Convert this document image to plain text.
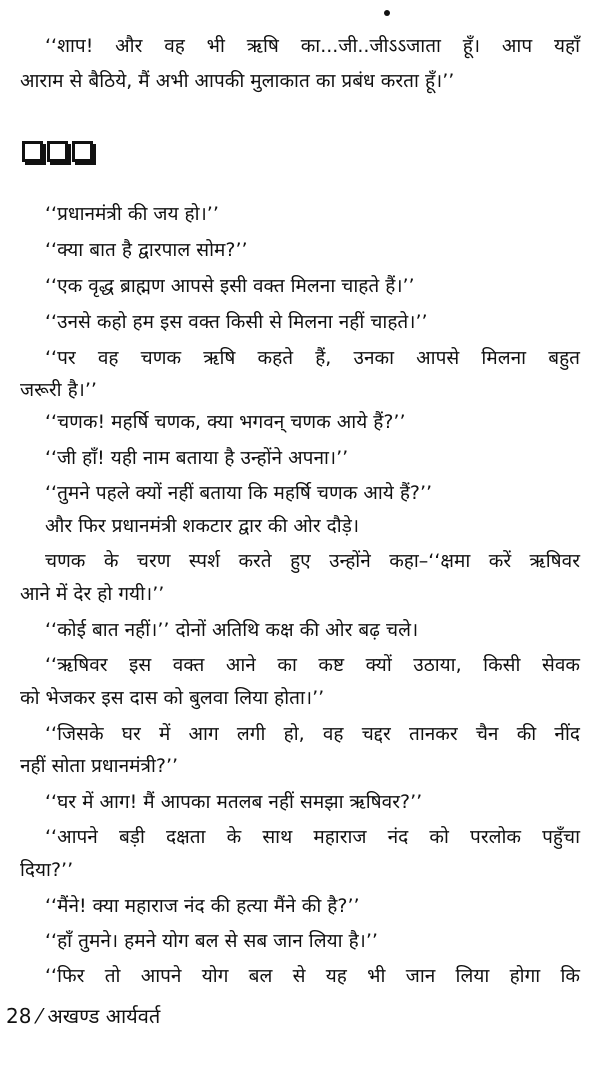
‘‘शाप! और वह भी ऋषि का...जी..जीऽऽजाता हूँ। आप यहाँ
आराम से बैठिये, मैं अभी आपकी मुलाकात का प्रबंध करता हूँ।’’
‘‘प्रधानमंत्री की जय हो।’’
‘‘क्या बात है द्वारपाल सोम?’’
‘‘एक वृद्ध ब्राह्मण आपसे इसी वक्त मिलना चाहते हैं।’’
‘‘उनसे कहो हम इस वक्त किसी से मिलना नहीं चाहते।’’
‘‘पर वह चणक ऋषि कहते हैं, उनका आपसे मिलना बहुत
जरूरी है।’’
‘‘चणक! महर्षि चणक, क्या भगवन् चणक आये हैं?’’
‘‘जी हाँ! यही नाम बताया है उन्होंने अपना।’’
‘‘तुमने पहले क्यों नहीं बताया कि महर्षि चणक आये हैं?’’
और फिर प्रधानमंत्री शकटार द्वार की ओर दौड़े।
चणक के चरण स्पर्श करते हुए उन्होंने कहा–‘‘क्षमा करें ऋषिवर
आने में देर हो गयी।’’
‘‘कोई बात नहीं।’’ दोनों अतिथि कक्ष की ओर बढ़ चले।
‘‘ऋषिवर इस वक्त आने का कष्ट क्यों उठाया, किसी सेवक
को भेजकर इस दास को बुलवा लिया होता।’’
‘‘जिसके घर में आग लगी हो, वह चद्दर तानकर चैन की नींद
नहीं सोता प्रधानमंत्री?’’
‘‘घर में आग! मैं आपका मतलब नहीं समझा ऋषिवर?’’
‘‘आपने बड़ी दक्षता के साथ महाराज नंद को परलोक पहुँचा
दिया?’’
‘‘मैंने! क्या महाराज नंद की हत्या मैंने की है?’’
‘‘हाँ तुमने। हमने योग बल से सब जान लिया है।’’
‘‘फिर तो आपने योग बल से यह भी जान लिया होगा कि
28 ⁄ अखण्ड आर्यवर्त
